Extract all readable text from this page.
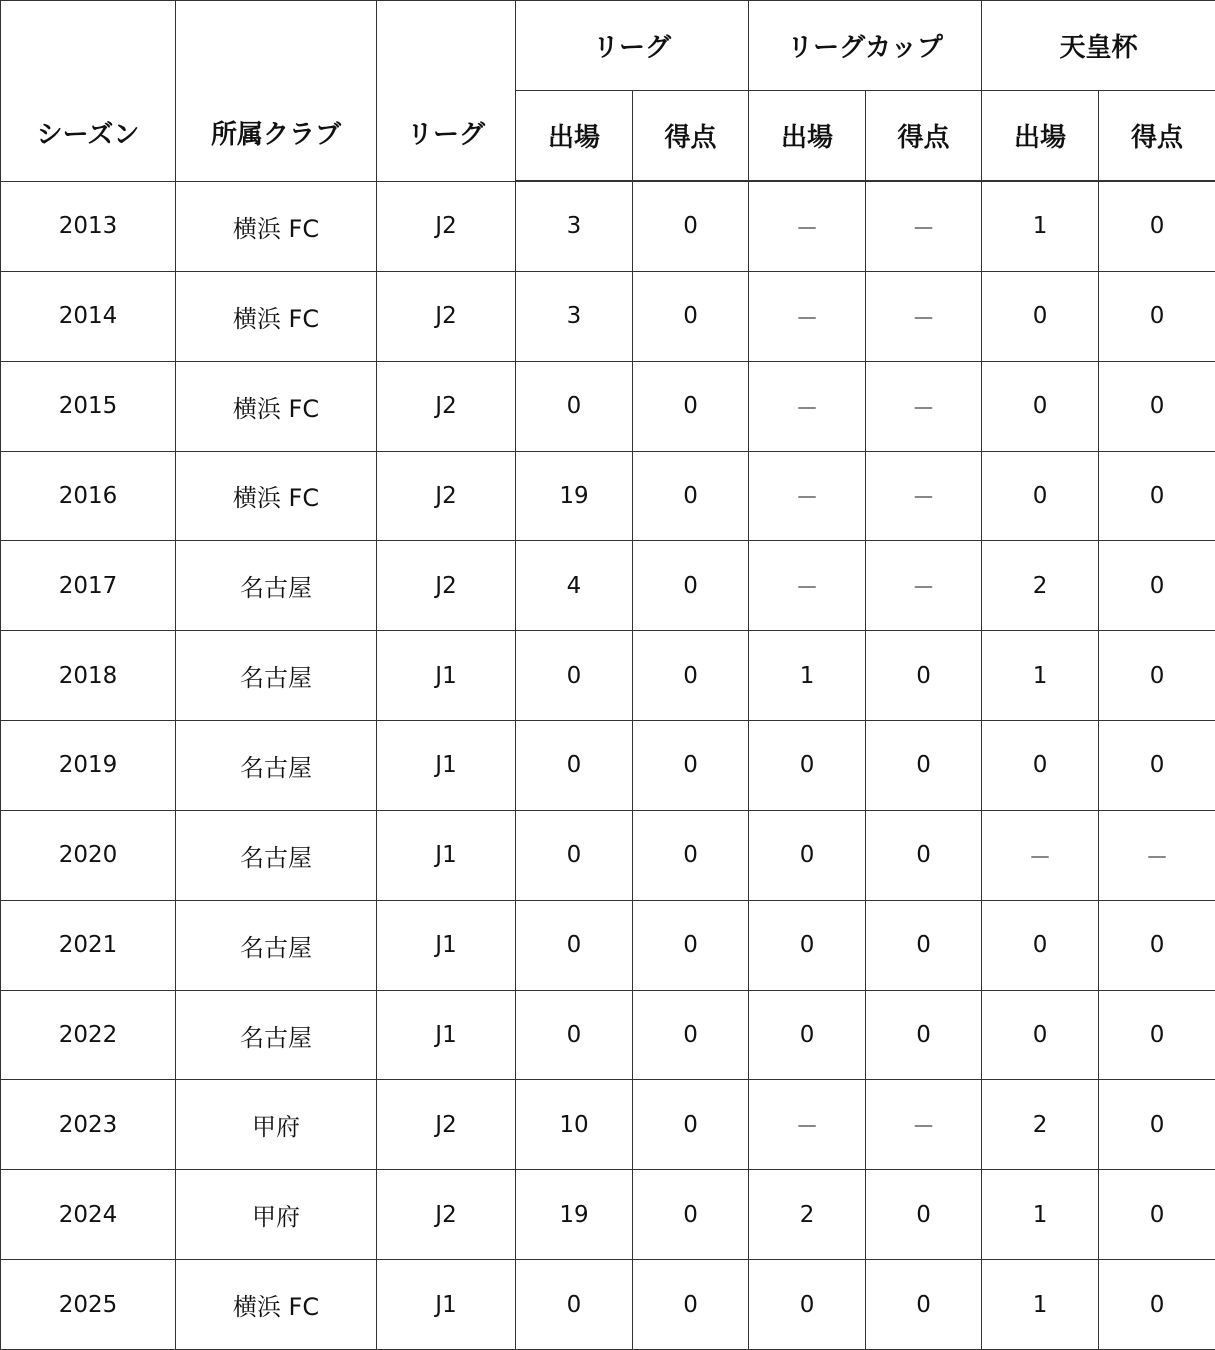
シーズン	所属クラブ	リーグ	リーグ		リーグカップ		天皇杯	
			出場	得点	出場	得点	出場	得点
2013	横浜 FC	J2	3	0	－	－	1	0
2014	横浜 FC	J2	3	0	－	－	0	0
2015	横浜 FC	J2	0	0	－	－	0	0
2016	横浜 FC	J2	19	0	－	－	0	0
2017	名古屋	J2	4	0	－	－	2	0
2018	名古屋	J1	0	0	1	0	1	0
2019	名古屋	J1	0	0	0	0	0	0
2020	名古屋	J1	0	0	0	0	－	－
2021	名古屋	J1	0	0	0	0	0	0
2022	名古屋	J1	0	0	0	0	0	0
2023	甲府	J2	10	0	－	－	2	0
2024	甲府	J2	19	0	2	0	1	0
2025	横浜 FC	J1	0	0	0	0	1	0
